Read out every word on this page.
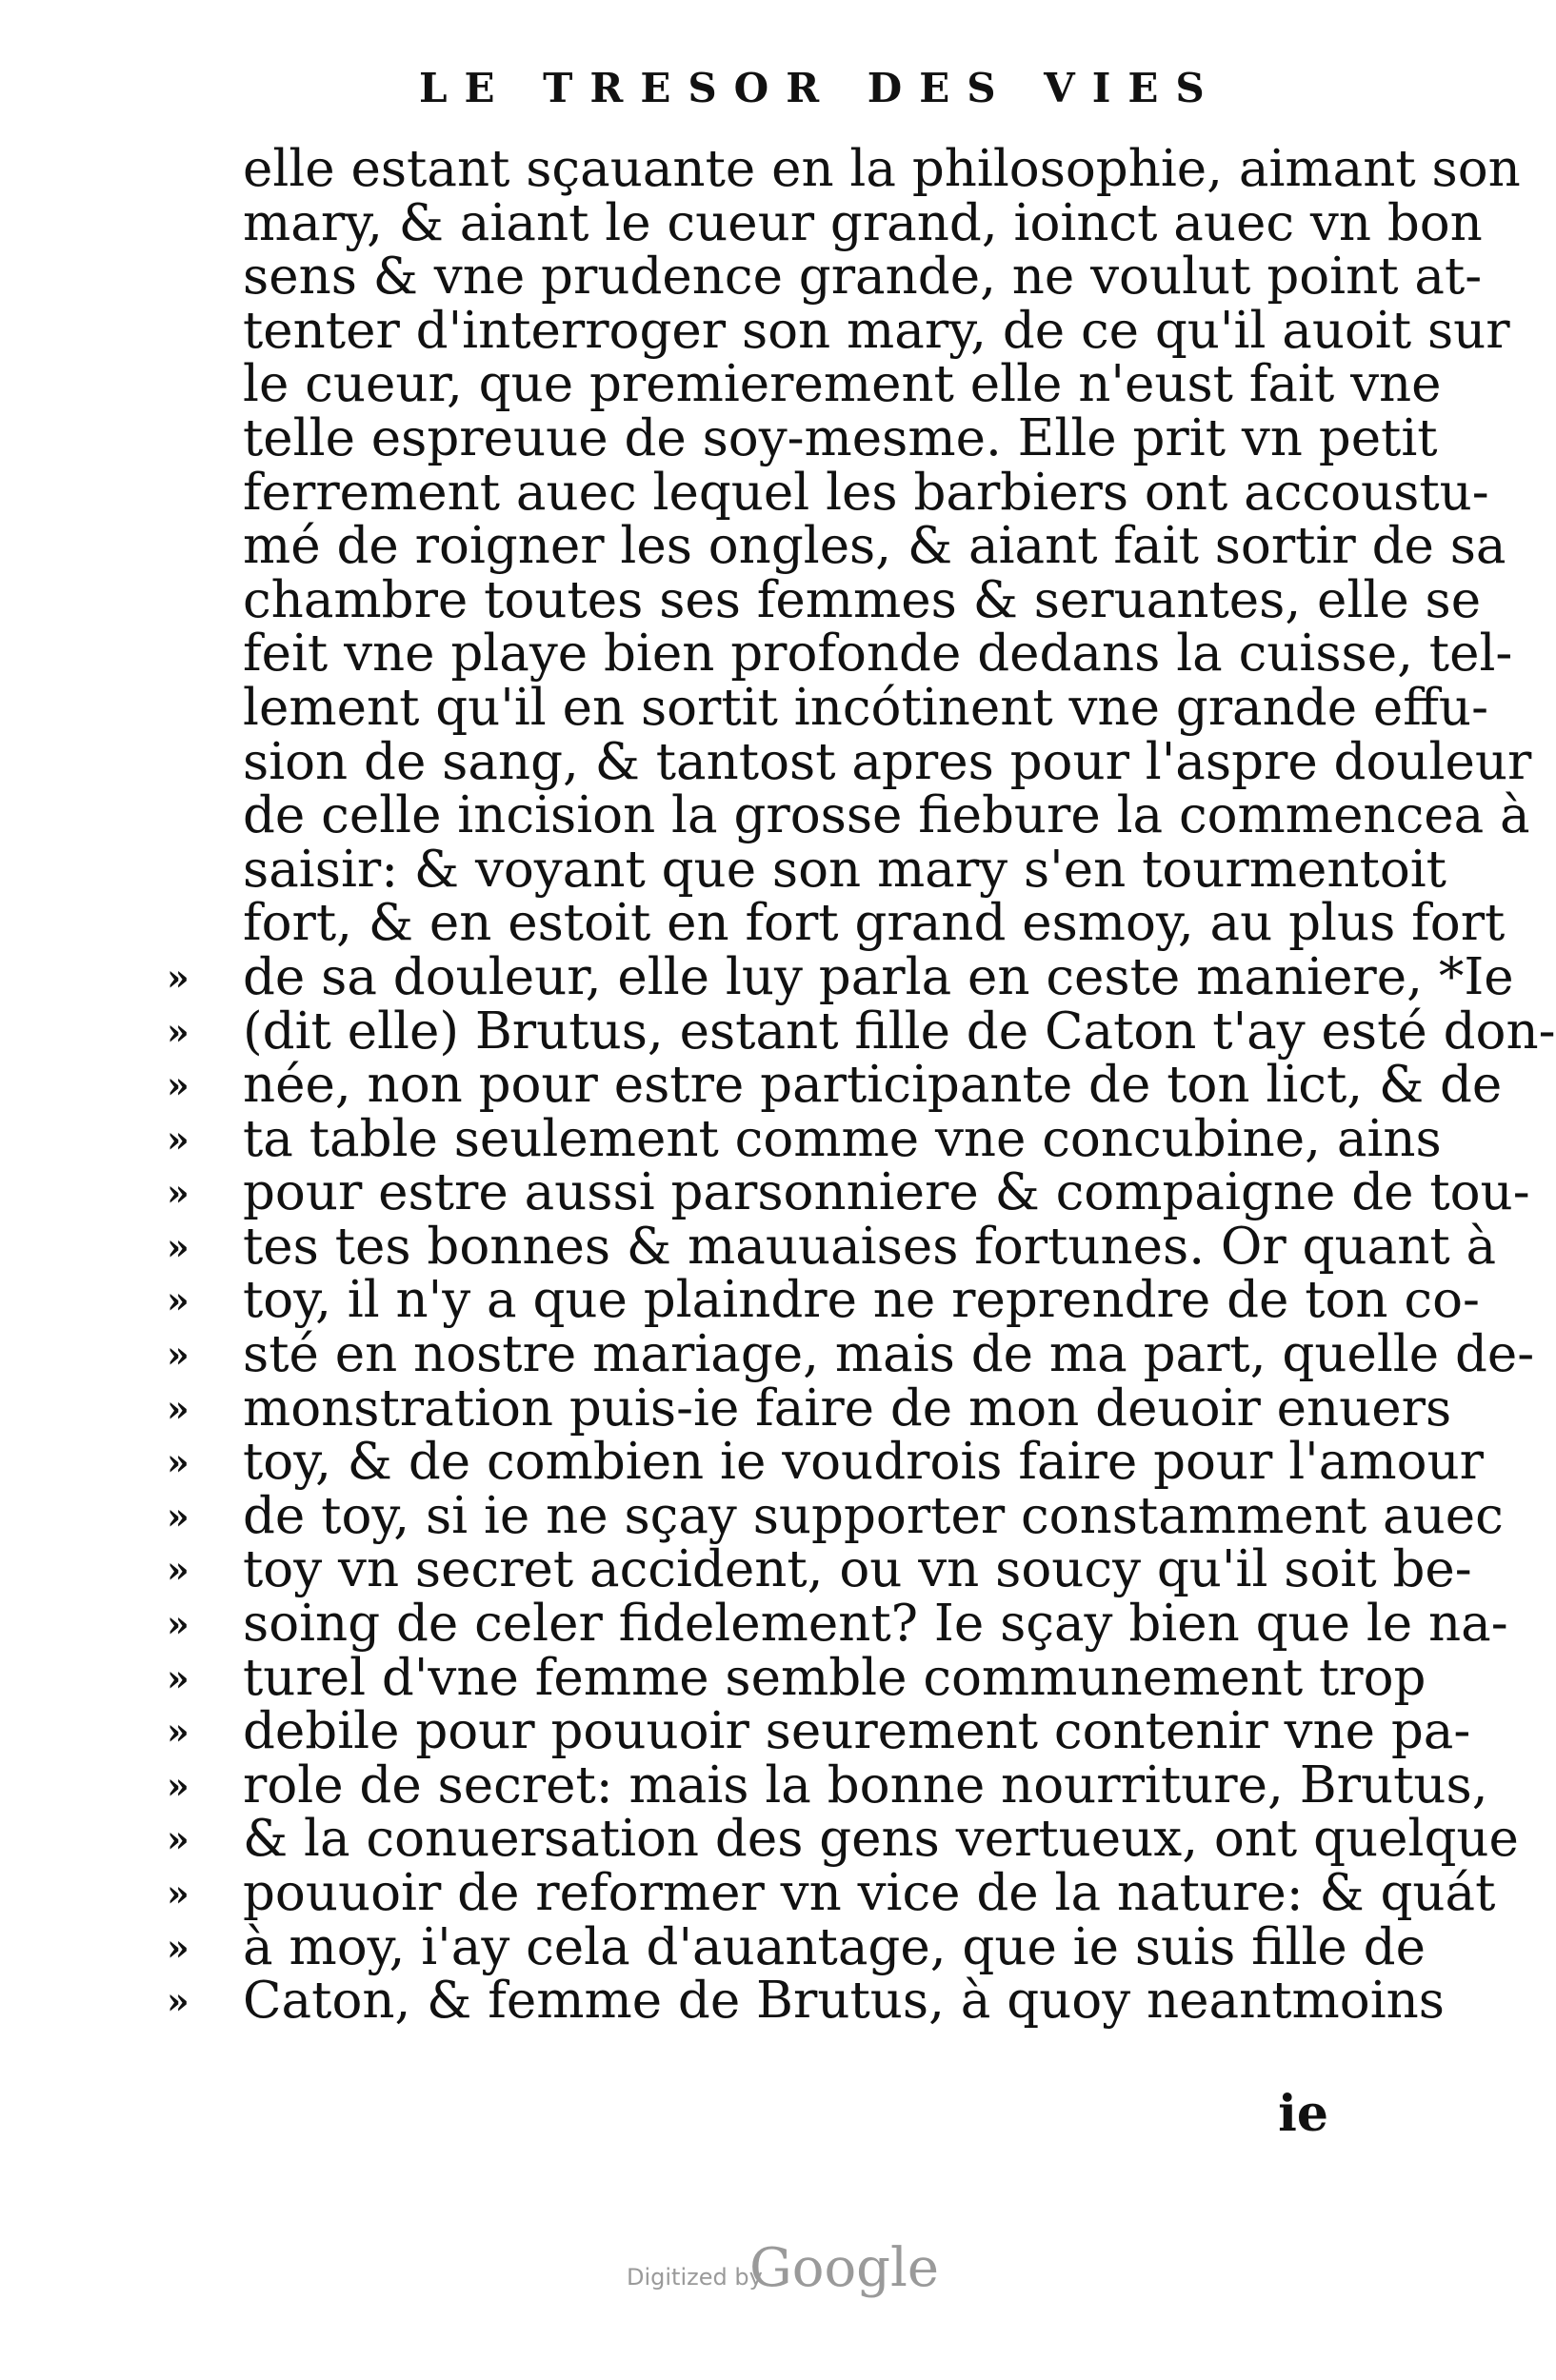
LE TRESOR DES VIES
elle estant sçauante en la philosophie, aimant son
mary, & aiant le cueur grand, ioinct auec vn bon
sens & vne prudence grande, ne voulut point at-
tenter d'interroger son mary, de ce qu'il auoit sur
le cueur, que premierement elle n'eust fait vne
telle espreuue de soy-mesme. Elle prit vn petit
ferrement auec lequel les barbiers ont accoustu-
mé de roigner les ongles, & aiant fait sortir de sa
chambre toutes ses femmes & seruantes, elle se
feit vne playe bien profonde dedans la cuisse, tel-
lement qu'il en sortit incótinent vne grande effu-
sion de sang, & tantost apres pour l'aspre douleur
de celle incision la grosse fiebure la commencea à
saisir: & voyant que son mary s'en tourmentoit
fort, & en estoit en fort grand esmoy, au plus fort
» de sa douleur, elle luy parla en ceste maniere, *Ie
» (dit elle) Brutus, estant fille de Caton t'ay esté don-
» née, non pour estre participante de ton lict, & de
» ta table seulement comme vne concubine, ains
» pour estre aussi parsonniere & compaigne de tou-
» tes tes bonnes & mauuaises fortunes. Or quant à
» toy, il n'y a que plaindre ne reprendre de ton co-
» sté en nostre mariage, mais de ma part, quelle de-
» monstration puis-ie faire de mon deuoir enuers
» toy, & de combien ie voudrois faire pour l'amour
» de toy, si ie ne sçay supporter constamment auec
» toy vn secret accident, ou vn soucy qu'il soit be-
» soing de celer fidelement? Ie sçay bien que le na-
» turel d'vne femme semble communement trop
» debile pour pouuoir seurement contenir vne pa-
» role de secret: mais la bonne nourriture, Brutus,
» & la conuersation des gens vertueux, ont quelque
» pouuoir de reformer vn vice de la nature: & quát
» à moy, i'ay cela d'auantage, que ie suis fille de
» Caton, & femme de Brutus, à quoy neantmoins
ie
Digitized by
Google
